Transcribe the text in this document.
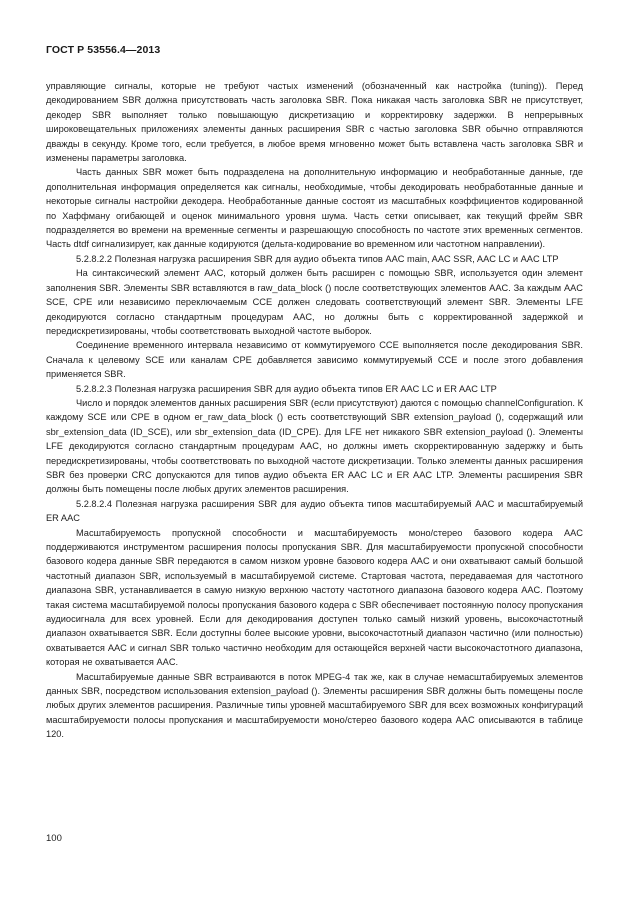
ГОСТ Р 53556.4—2013

управляющие сигналы, которые не требуют частых изменений (обозначенный как настройка (tuning)). Перед декодированием SBR должна присутствовать часть заголовка SBR. Пока никакая часть заголовка SBR не присутствует, декодер SBR выполняет только повышающую дискретизацию и корректировку задержки. В непрерывных широковещательных приложениях элементы данных расширения SBR с частью заголовка SBR обычно отправляются дважды в секунду. Кроме того, если требуется, в любое время мгновенно может быть вставлена часть заголовка SBR и изменены параметры заголовка.

Часть данных SBR может быть подразделена на дополнительную информацию и необработанные данные, где дополнительная информация определяется как сигналы, необходимые, чтобы декодировать необработанные данные и некоторые сигналы настройки декодера. Необработанные данные состоят из масштабных коэффициентов кодированной по Хаффману огибающей и оценок минимального уровня шума. Часть сетки описывает, как текущий фрейм SBR подразделяется во времени на временные сегменты и разрешающую способность по частоте этих временных сегментов. Часть dtdf сигнализирует, как данные кодируются (дельта-кодирование во временном или частотном направлении).

5.2.8.2.2 Полезная нагрузка расширения SBR для аудио объекта типов AAC main, AAC SSR, AAC LC и AAC LTP

На синтаксический элемент AAC, который должен быть расширен с помощью SBR, используется один элемент заполнения SBR. Элементы SBR вставляются в raw_data_block () после соответствующих элементов AAC. За каждым AAC SCE, CPE или независимо переключаемым CCE должен следовать соответствующий элемент SBR. Элементы LFE декодируются согласно стандартным процедурам AAC, но должны быть с корректированной задержкой и передискретизированы, чтобы соответствовать выходной частоте выборок.

Соединение временного интервала независимо от коммутируемого CCE выполняется после декодирования SBR. Сначала к целевому SCE или каналам CPE добавляется зависимо коммутируемый CCE и после этого добавления применяется SBR.

5.2.8.2.3 Полезная нагрузка расширения SBR для аудио объекта типов ER AAC LC и ER AAC LTP

Число и порядок элементов данных расширения SBR (если присутствуют) даются с помощью channelConfiguration. К каждому SCE или CPE в одном er_raw_data_block () есть соответствующий SBR extension_payload (), содержащий или sbr_extension_data (ID_SCE), или sbr_extension_data (ID_CPE). Для LFE нет никакого SBR extension_payload (). Элементы LFE декодируются согласно стандартным процедурам AAC, но должны иметь скорректированную задержку и быть передискретизированы, чтобы соответствовать по выходной частоте дискретизации. Только элементы данных расширения SBR без проверки CRC допускаются для типов аудио объекта ER AAC LC и ER AAC LTP. Элементы расширения SBR должны быть помещены после любых других элементов расширения.

5.2.8.2.4 Полезная нагрузка расширения SBR для аудио объекта типов масштабируемый AAC и масштабируемый ER AAC

Масштабируемость пропускной способности и масштабируемость моно/стерео базового кодера AAC поддерживаются инструментом расширения полосы пропускания SBR. Для масштабируемости пропускной способности базового кодера данные SBR передаются в самом низком уровне базового кодера AAC и они охватывают самый большой частотный диапазон SBR, используемый в масштабируемой системе. Стартовая частота, передаваемая для частотного диапазона SBR, устанавливается в самую низкую верхнюю частоту частотного диапазона базового кодера AAC. Поэтому такая система масштабируемой полосы пропускания базового кодера с SBR обеспечивает постоянную полосу пропускания аудиосигнала для всех уровней. Если для декодирования доступен только самый низкий уровень, высокочастотный диапазон охватывается SBR. Если доступны более высокие уровни, высокочастотный диапазон частично (или полностью) охватывается AAC и сигнал SBR только частично необходим для остающейся верхней части высокочастотного диапазона, которая не охватывается AAC.

Масштабируемые данные SBR встраиваются в поток MPEG-4 так же, как в случае немасштабируемых элементов данных SBR, посредством использования extension_payload (). Элементы расширения SBR должны быть помещены после любых других элементов расширения. Различные типы уровней масштабируемого SBR для всех возможных конфигураций масштабируемости полосы пропускания и масштабируемости моно/стерео базового кодера AAC описываются в таблице 120.

100
